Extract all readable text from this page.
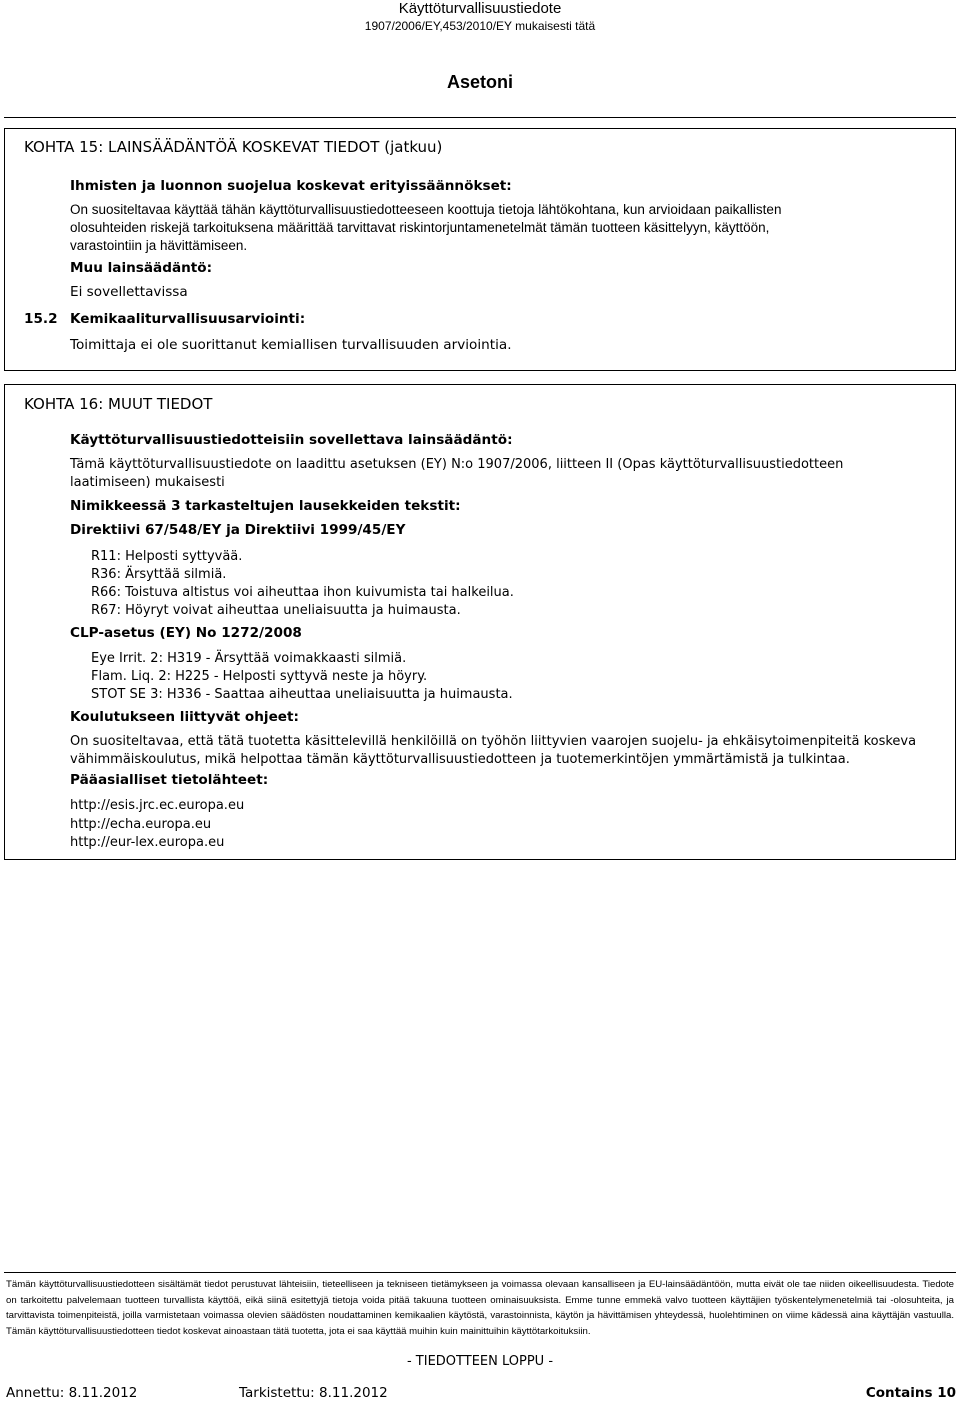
Käyttöturvallisuustiedote
1907/2006/EY,453/2010/EY mukaisesti tätä
Asetoni
KOHTA 15: LAINSÄÄDÄNTÖÄ KOSKEVAT TIEDOT (jatkuu)
Ihmisten ja luonnon suojelua koskevat erityissäännökset:
On suositeltavaa käyttää tähän käyttöturvallisuustiedotteeseen koottuja tietoja lähtökohtana, kun arvioidaan paikallisten
olosuhteiden riskejä tarkoituksena määrittää tarvittavat riskintorjuntamenetelmät tämän tuotteen käsittelyyn, käyttöön,
varastointiin ja hävittämiseen.
Muu lainsäädäntö:
Ei sovellettavissa
15.2 Kemikaaliturvallisuusarviointi:
Toimittaja ei ole suorittanut kemiallisen turvallisuuden arviointia.
KOHTA 16: MUUT TIEDOT
Käyttöturvallisuustiedotteisiin sovellettava lainsäädäntö:
Tämä käyttöturvallisuustiedote on laadittu asetuksen (EY) N:o 1907/2006, liitteen II (Opas käyttöturvallisuustiedotteen
laatimiseen) mukaisesti
Nimikkeessä 3 tarkasteltujen lausekkeiden tekstit:
Direktiivi 67/548/EY ja Direktiivi 1999/45/EY
R11: Helposti syttyvää.
R36: Ärsyttää silmiä.
R66: Toistuva altistus voi aiheuttaa ihon kuivumista tai halkeilua.
R67: Höyryt voivat aiheuttaa uneliaisuutta ja huimausta.
CLP-asetus (EY) No 1272/2008
Eye Irrit. 2: H319 - Ärsyttää voimakkaasti silmiä.
Flam. Liq. 2: H225 - Helposti syttyvä neste ja höyry.
STOT SE 3: H336 - Saattaa aiheuttaa uneliaisuutta ja huimausta.
Koulutukseen liittyvät ohjeet:
On suositeltavaa, että tätä tuotetta käsittelevillä henkilöillä on työhön liittyvien vaarojen suojelu- ja ehkäisytoimenpiteitä koskeva
vähimmäiskoulutus, mikä helpottaa tämän käyttöturvallisuustiedotteen ja tuotemerkintöjen ymmärtämistä ja tulkintaa.
Pääasialliset tietolähteet:
http://esis.jrc.ec.europa.eu
http://echa.europa.eu
http://eur-lex.europa.eu
Tämän käyttöturvallisuustiedotteen sisältämät tiedot perustuvat lähteisiin, tieteelliseen ja tekniseen tietämykseen ja voimassa olevaan kansalliseen ja EU-lainsäädäntöön, mutta eivät ole tae niiden oikeellisuudesta. Tiedote on tarkoitettu palvelemaan tuotteen turvallista käyttöä, eikä siinä esitettyjä tietoja voida pitää takuuna tuotteen ominaisuuksista. Emme tunne emmekä valvo tuotteen käyttäjien työskentelymenetelmiä tai -olosuhteita, ja tarvittavista toimenpiteistä, joilla varmistetaan voimassa olevien säädösten noudattaminen kemikaalien käytöstä, varastoinnista, käytön ja hävittämisen yhteydessä, huolehtiminen on viime kädessä aina käyttäjän vastuulla. Tämän käyttöturvallisuustiedotteen tiedot koskevat ainoastaan tätä tuotetta, jota ei saa käyttää muihin kuin mainittuihin käyttötarkoituksiin.
- TIEDOTTEEN LOPPU -
Annettu: 8.11.2012	Tarkistettu: 8.11.2012	Contains 10
